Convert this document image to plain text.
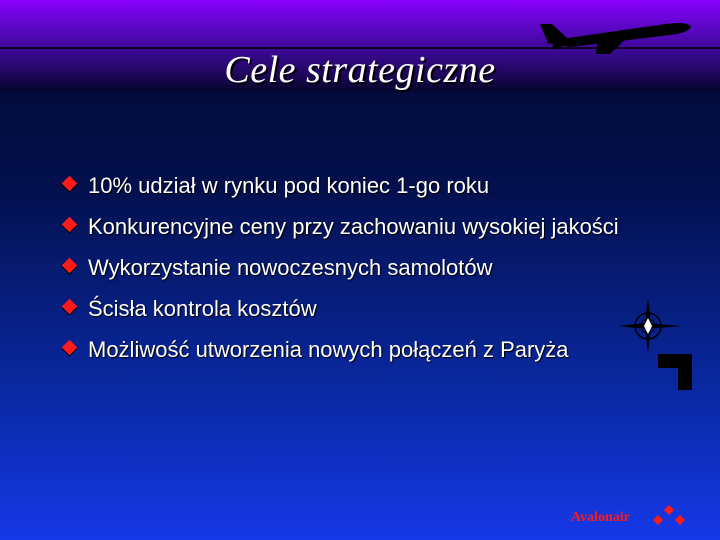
Cele strategiczne
10% udział w rynku pod koniec 1-go roku
Konkurencyjne ceny przy zachowaniu wysokiej jakości
Wykorzystanie nowoczesnych samolotów
Ścisła kontrola kosztów
Możliwość utworzenia nowych połączeń z Paryża
Avalonair
